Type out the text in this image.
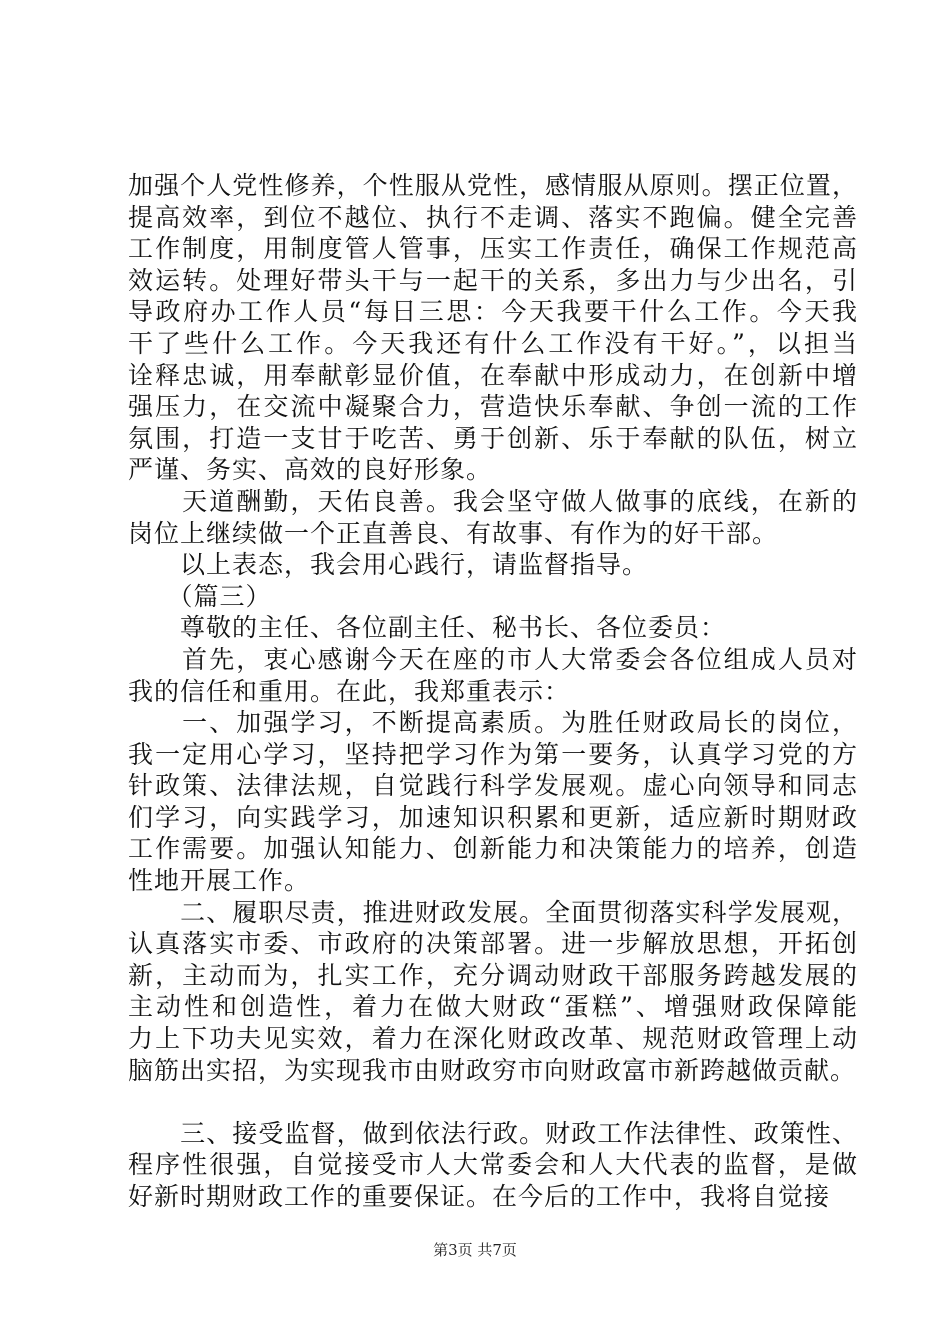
加强个人党性修养，个性服从党性，感情服从原则。摆正位置，
提高效率，到位不越位、执行不走调、落实不跑偏。健全完善
工作制度，用制度管人管事，压实工作责任，确保工作规范高
效运转。处理好带头干与一起干的关系，多出力与少出名，引
导政府办工作人员“每日三思：今天我要干什么工作。今天我
干了些什么工作。今天我还有什么工作没有干好。”，以担当
诠释忠诚，用奉献彰显价值，在奉献中形成动力，在创新中增
强压力，在交流中凝聚合力，营造快乐奉献、争创一流的工作
氛围，打造一支甘于吃苦、勇于创新、乐于奉献的队伍，树立
严谨、务实、高效的良好形象。
　　天道酬勤，天佑良善。我会坚守做人做事的底线，在新的
岗位上继续做一个正直善良、有故事、有作为的好干部。
　　以上表态，我会用心践行，请监督指导。
　　（篇三）
　　尊敬的主任、各位副主任、秘书长、各位委员：
　　首先，衷心感谢今天在座的市人大常委会各位组成人员对
我的信任和重用。在此，我郑重表示：
　　一、加强学习，不断提高素质。为胜任财政局长的岗位，
我一定用心学习，坚持把学习作为第一要务，认真学习党的方
针政策、法律法规，自觉践行科学发展观。虚心向领导和同志
们学习，向实践学习，加速知识积累和更新，适应新时期财政
工作需要。加强认知能力、创新能力和决策能力的培养，创造
性地开展工作。
　　二、履职尽责，推进财政发展。全面贯彻落实科学发展观，
认真落实市委、市政府的决策部署。进一步解放思想，开拓创
新，主动而为，扎实工作，充分调动财政干部服务跨越发展的
主动性和创造性，着力在做大财政“蛋糕”、增强财政保障能
力上下功夫见实效，着力在深化财政改革、规范财政管理上动
脑筋出实招，为实现我市由财政穷市向财政富市新跨越做贡献。
　　三、接受监督，做到依法行政。财政工作法律性、政策性、
程序性很强，自觉接受市人大常委会和人大代表的监督，是做
好新时期财政工作的重要保证。在今后的工作中，我将自觉接
第3页 共7页
